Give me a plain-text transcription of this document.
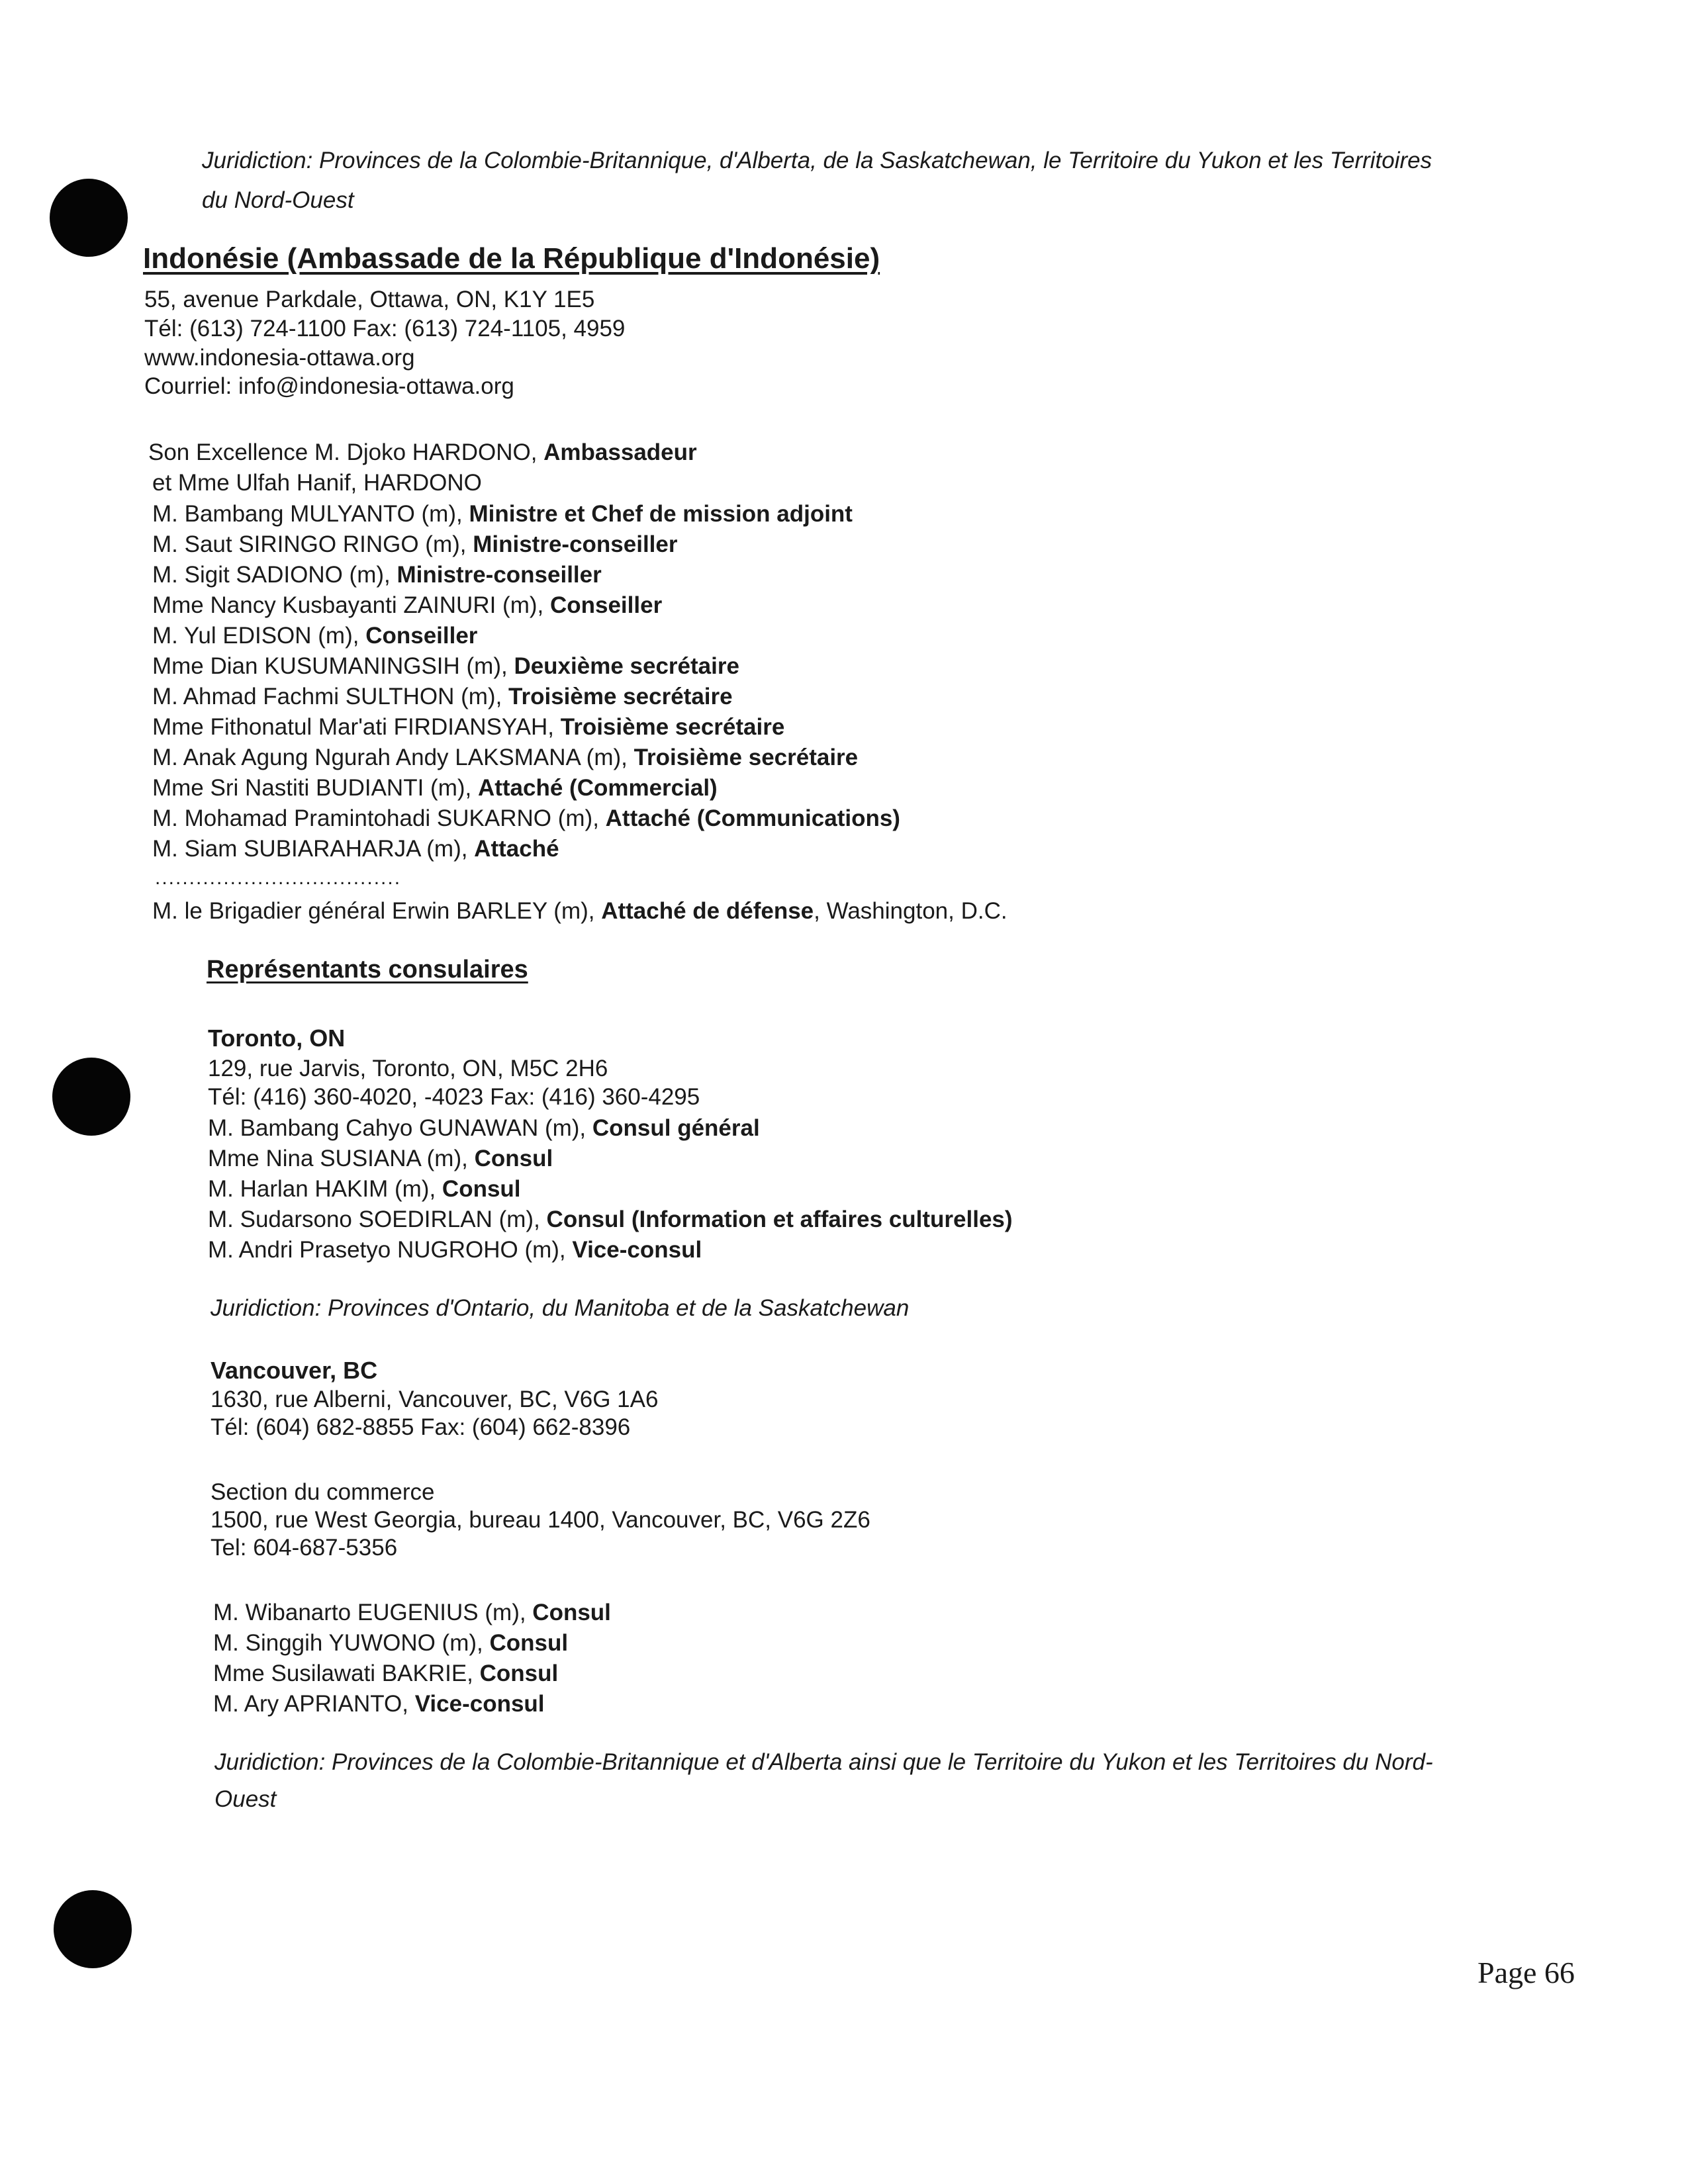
Juridiction: Provinces de la Colombie-Britannique, d'Alberta, de la Saskatchewan, le Territoire du Yukon et les Territoires
du Nord-Ouest
Indonésie (Ambassade de la République d'Indonésie)
55, avenue Parkdale, Ottawa, ON, K1Y 1E5
Tél: (613) 724-1100 Fax: (613) 724-1105, 4959
www.indonesia-ottawa.org
Courriel: info@indonesia-ottawa.org
Son Excellence M. Djoko HARDONO, Ambassadeur
et Mme Ulfah Hanif, HARDONO
M. Bambang MULYANTO (m), Ministre et Chef de mission adjoint
M. Saut SIRINGO RINGO (m), Ministre-conseiller
M. Sigit SADIONO (m), Ministre-conseiller
Mme Nancy Kusbayanti ZAINURI (m), Conseiller
M. Yul EDISON (m), Conseiller
Mme Dian KUSUMANINGSIH (m), Deuxième secrétaire
M. Ahmad Fachmi SULTHON (m), Troisième secrétaire
Mme Fithonatul Mar'ati FIRDIANSYAH, Troisième secrétaire
M. Anak Agung Ngurah Andy LAKSMANA (m), Troisième secrétaire
Mme Sri Nastiti BUDIANTI (m), Attaché (Commercial)
M. Mohamad Pramintohadi SUKARNO (m), Attaché (Communications)
M. Siam SUBIARAHARJA (m), Attaché
....................................
M. le Brigadier général Erwin BARLEY (m), Attaché de défense, Washington, D.C.
Représentants consulaires
Toronto, ON
129, rue Jarvis, Toronto, ON, M5C 2H6
Tél: (416) 360-4020, -4023 Fax: (416) 360-4295
M. Bambang Cahyo GUNAWAN (m), Consul général
Mme Nina SUSIANA (m), Consul
M. Harlan HAKIM (m), Consul
M. Sudarsono SOEDIRLAN (m), Consul (Information et affaires culturelles)
M. Andri Prasetyo NUGROHO (m), Vice-consul
Juridiction: Provinces d'Ontario, du Manitoba et de la Saskatchewan
Vancouver, BC
1630, rue Alberni, Vancouver, BC, V6G 1A6
Tél: (604) 682-8855 Fax: (604) 662-8396
Section du commerce
1500, rue West Georgia, bureau 1400, Vancouver, BC, V6G 2Z6
Tel: 604-687-5356
M. Wibanarto EUGENIUS (m), Consul
M. Singgih YUWONO (m), Consul
Mme Susilawati BAKRIE, Consul
M. Ary APRIANTO, Vice-consul
Juridiction: Provinces de la Colombie-Britannique et d'Alberta ainsi que le Territoire du Yukon et les Territoires du Nord-
Ouest
Page 66
